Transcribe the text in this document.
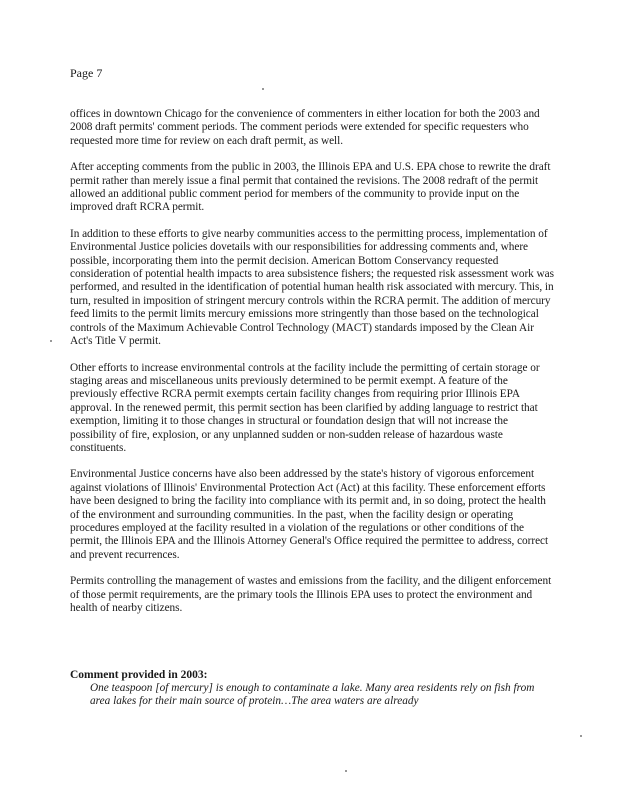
Page 7

offices in downtown Chicago for the convenience of commenters in either location for both the 2003 and 2008 draft permits' comment periods. The comment periods were extended for specific requesters who requested more time for review on each draft permit, as well.

After accepting comments from the public in 2003, the Illinois EPA and U.S. EPA chose to rewrite the draft permit rather than merely issue a final permit that contained the revisions. The 2008 redraft of the permit allowed an additional public comment period for members of the community to provide input on the improved draft RCRA permit.

In addition to these efforts to give nearby communities access to the permitting process, implementation of Environmental Justice policies dovetails with our responsibilities for addressing comments and, where possible, incorporating them into the permit decision. American Bottom Conservancy requested consideration of potential health impacts to area subsistence fishers; the requested risk assessment work was performed, and resulted in the identification of potential human health risk associated with mercury. This, in turn, resulted in imposition of stringent mercury controls within the RCRA permit. The addition of mercury feed limits to the permit limits mercury emissions more stringently than those based on the technological controls of the Maximum Achievable Control Technology (MACT) standards imposed by the Clean Air Act's Title V permit.

Other efforts to increase environmental controls at the facility include the permitting of certain storage or staging areas and miscellaneous units previously determined to be permit exempt. A feature of the previously effective RCRA permit exempts certain facility changes from requiring prior Illinois EPA approval. In the renewed permit, this permit section has been clarified by adding language to restrict that exemption, limiting it to those changes in structural or foundation design that will not increase the possibility of fire, explosion, or any unplanned sudden or non-sudden release of hazardous waste constituents.

Environmental Justice concerns have also been addressed by the state's history of vigorous enforcement against violations of Illinois' Environmental Protection Act (Act) at this facility. These enforcement efforts have been designed to bring the facility into compliance with its permit and, in so doing, protect the health of the environment and surrounding communities. In the past, when the facility design or operating procedures employed at the facility resulted in a violation of the regulations or other conditions of the permit, the Illinois EPA and the Illinois Attorney General's Office required the permittee to address, correct and prevent recurrences.

Permits controlling the management of wastes and emissions from the facility, and the diligent enforcement of those permit requirements, are the primary tools the Illinois EPA uses to protect the environment and health of nearby citizens.

Comment provided in 2003:
One teaspoon [of mercury] is enough to contaminate a lake. Many area residents rely on fish from area lakes for their main source of protein…The area waters are already
